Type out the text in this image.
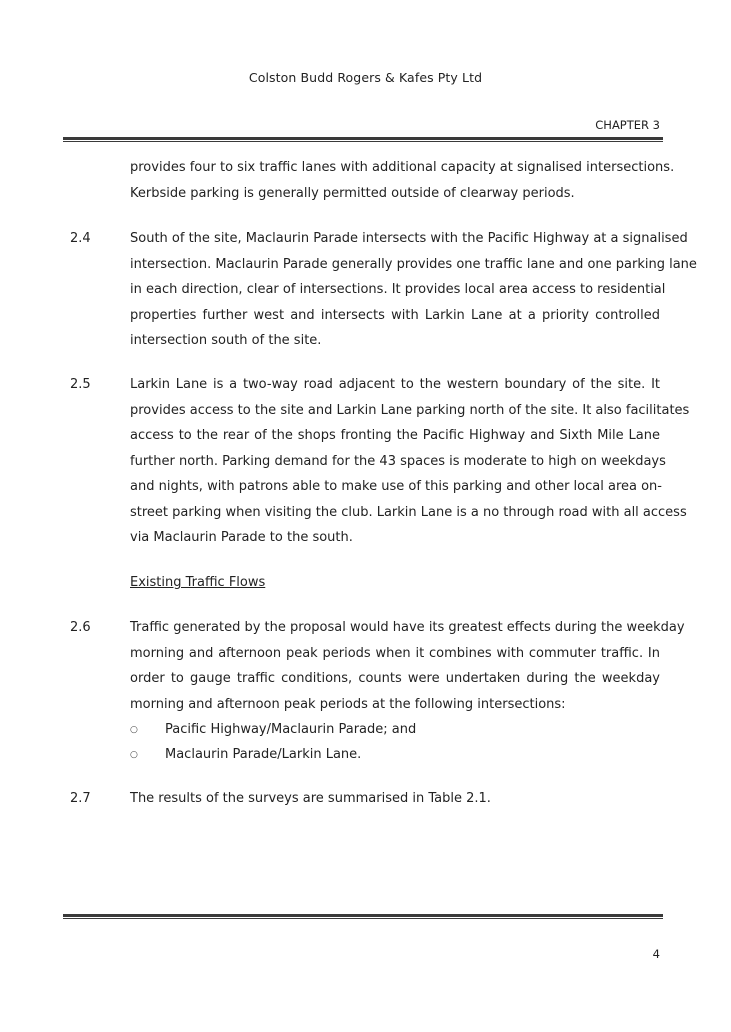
Colston Budd Rogers & Kafes Pty Ltd
CHAPTER 3
provides four to six traffic lanes with additional capacity at signalised intersections.
Kerbside parking is generally permitted outside of clearway periods.
2.4	South of the site, Maclaurin Parade intersects with the Pacific Highway at a signalised
intersection. Maclaurin Parade generally provides one traffic lane and one parking lane
in each direction, clear of intersections. It provides local area access to residential
properties further west and intersects with Larkin Lane at a priority controlled
intersection south of the site.
2.5	Larkin Lane is a two-way road adjacent to the western boundary of the site. It
provides access to the site and Larkin Lane parking north of the site. It also facilitates
access to the rear of the shops fronting the Pacific Highway and Sixth Mile Lane
further north. Parking demand for the 43 spaces is moderate to high on weekdays
and nights, with patrons able to make use of this parking and other local area on-
street parking when visiting the club. Larkin Lane is a no through road with all access
via Maclaurin Parade to the south.
Existing Traffic Flows
2.6	Traffic generated by the proposal would have its greatest effects during the weekday
morning and afternoon peak periods when it combines with commuter traffic. In
order to gauge traffic conditions, counts were undertaken during the weekday
morning and afternoon peak periods at the following intersections:
○ Pacific Highway/Maclaurin Parade; and
○ Maclaurin Parade/Larkin Lane.
2.7	The results of the surveys are summarised in Table 2.1.
4
